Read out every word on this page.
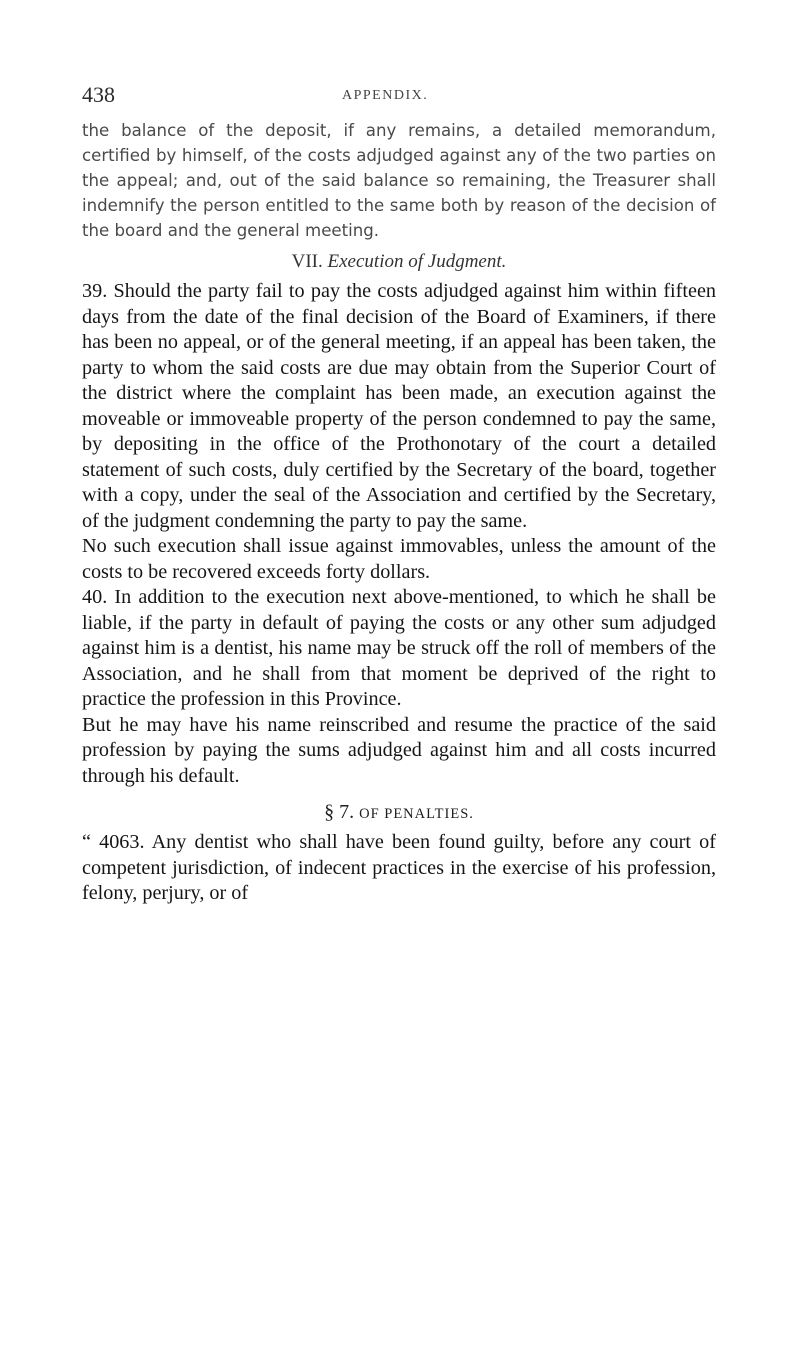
438	APPENDIX.

the balance of the deposit, if any remains, a detailed memorandum, certified by himself, of the costs adjudged against any of the two parties on the appeal; and, out of the said balance so remaining, the Treasurer shall indemnify the person entitled to the same both by reason of the decision of the board and the general meeting.

VII. Execution of Judgment.

39. Should the party fail to pay the costs adjudged against him within fifteen days from the date of the final decision of the Board of Examiners, if there has been no appeal, or of the general meeting, if an appeal has been taken, the party to whom the said costs are due may obtain from the Superior Court of the district where the complaint has been made, an execution against the moveable or immoveable property of the person condemned to pay the same, by depositing in the office of the Prothonotary of the court a detailed statement of such costs, duly certified by the Secretary of the board, together with a copy, under the seal of the Association and certified by the Secretary, of the judgment condemning the party to pay the same.

No such execution shall issue against immovables, unless the amount of the costs to be recovered exceeds forty dollars.

40. In addition to the execution next above-mentioned, to which he shall be liable, if the party in default of paying the costs or any other sum adjudged against him is a dentist, his name may be struck off the roll of members of the Association, and he shall from that moment be deprived of the right to practice the profession in this Province.

But he may have his name reinscribed and resume the practice of the said profession by paying the sums adjudged against him and all costs incurred through his default.

§ 7. OF PENALTIES.

“ 4063. Any dentist who shall have been found guilty, before any court of competent jurisdiction, of indecent practices in the exercise of his profession, felony, perjury, or of
